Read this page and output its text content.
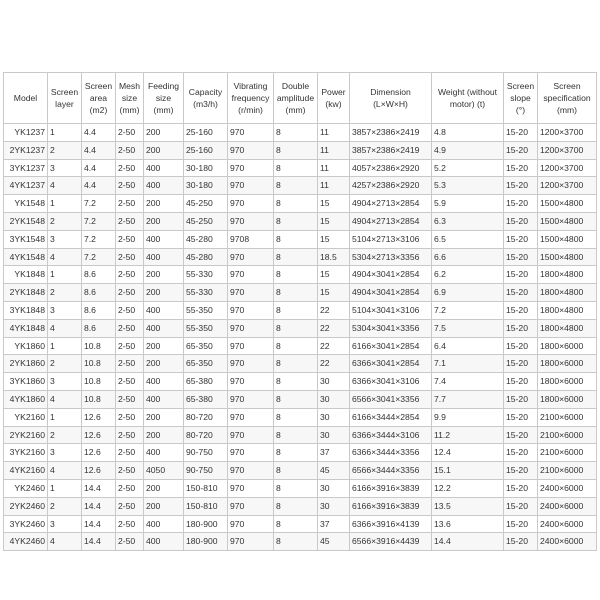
Model	Screen layer	Screen area (m2)	Mesh size (mm)	Feeding size (mm)	Capacity (m3/h)	Vibrating frequency (r/min)	Double amplitude (mm)	Power (kw)	Dimension (L×W×H)	Weight (without motor) (t)	Screen slope (°)	Screen specification (mm)
YK1237	1	4.4	2-50	200	25-160	970	8	11	3857×2386×2419	4.8	15-20	1200×3700
2YK1237	2	4.4	2-50	200	25-160	970	8	11	3857×2386×2419	4.9	15-20	1200×3700
3YK1237	3	4.4	2-50	400	30-180	970	8	11	4057×2386×2920	5.2	15-20	1200×3700
4YK1237	4	4.4	2-50	400	30-180	970	8	11	4257×2386×2920	5.3	15-20	1200×3700
YK1548	1	7.2	2-50	200	45-250	970	8	15	4904×2713×2854	5.9	15-20	1500×4800
2YK1548	2	7.2	2-50	200	45-250	970	8	15	4904×2713×2854	6.3	15-20	1500×4800
3YK1548	3	7.2	2-50	400	45-280	9708	8	15	5104×2713×3106	6.5	15-20	1500×4800
4YK1548	4	7.2	2-50	400	45-280	970	8	18.5	5304×2713×3356	6.6	15-20	1500×4800
YK1848	1	8.6	2-50	200	55-330	970	8	15	4904×3041×2854	6.2	15-20	1800×4800
2YK1848	2	8.6	2-50	200	55-330	970	8	15	4904×3041×2854	6.9	15-20	1800×4800
3YK1848	3	8.6	2-50	400	55-350	970	8	22	5104×3041×3106	7.2	15-20	1800×4800
4YK1848	4	8.6	2-50	400	55-350	970	8	22	5304×3041×3356	7.5	15-20	1800×4800
YK1860	1	10.8	2-50	200	65-350	970	8	22	6166×3041×2854	6.4	15-20	1800×6000
2YK1860	2	10.8	2-50	200	65-350	970	8	22	6366×3041×2854	7.1	15-20	1800×6000
3YK1860	3	10.8	2-50	400	65-380	970	8	30	6366×3041×3106	7.4	15-20	1800×6000
4YK1860	4	10.8	2-50	400	65-380	970	8	30	6566×3041×3356	7.7	15-20	1800×6000
YK2160	1	12.6	2-50	200	80-720	970	8	30	6166×3444×2854	9.9	15-20	2100×6000
2YK2160	2	12.6	2-50	200	80-720	970	8	30	6366×3444×3106	11.2	15-20	2100×6000
3YK2160	3	12.6	2-50	400	90-750	970	8	37	6366×3444×3356	12.4	15-20	2100×6000
4YK2160	4	12.6	2-50	4050	90-750	970	8	45	6566×3444×3356	15.1	15-20	2100×6000
YK2460	1	14.4	2-50	200	150-810	970	8	30	6166×3916×3839	12.2	15-20	2400×6000
2YK2460	2	14.4	2-50	200	150-810	970	8	30	6166×3916×3839	13.5	15-20	2400×6000
3YK2460	3	14.4	2-50	400	180-900	970	8	37	6366×3916×4139	13.6	15-20	2400×6000
4YK2460	4	14.4	2-50	400	180-900	970	8	45	6566×3916×4439	14.4	15-20	2400×6000
